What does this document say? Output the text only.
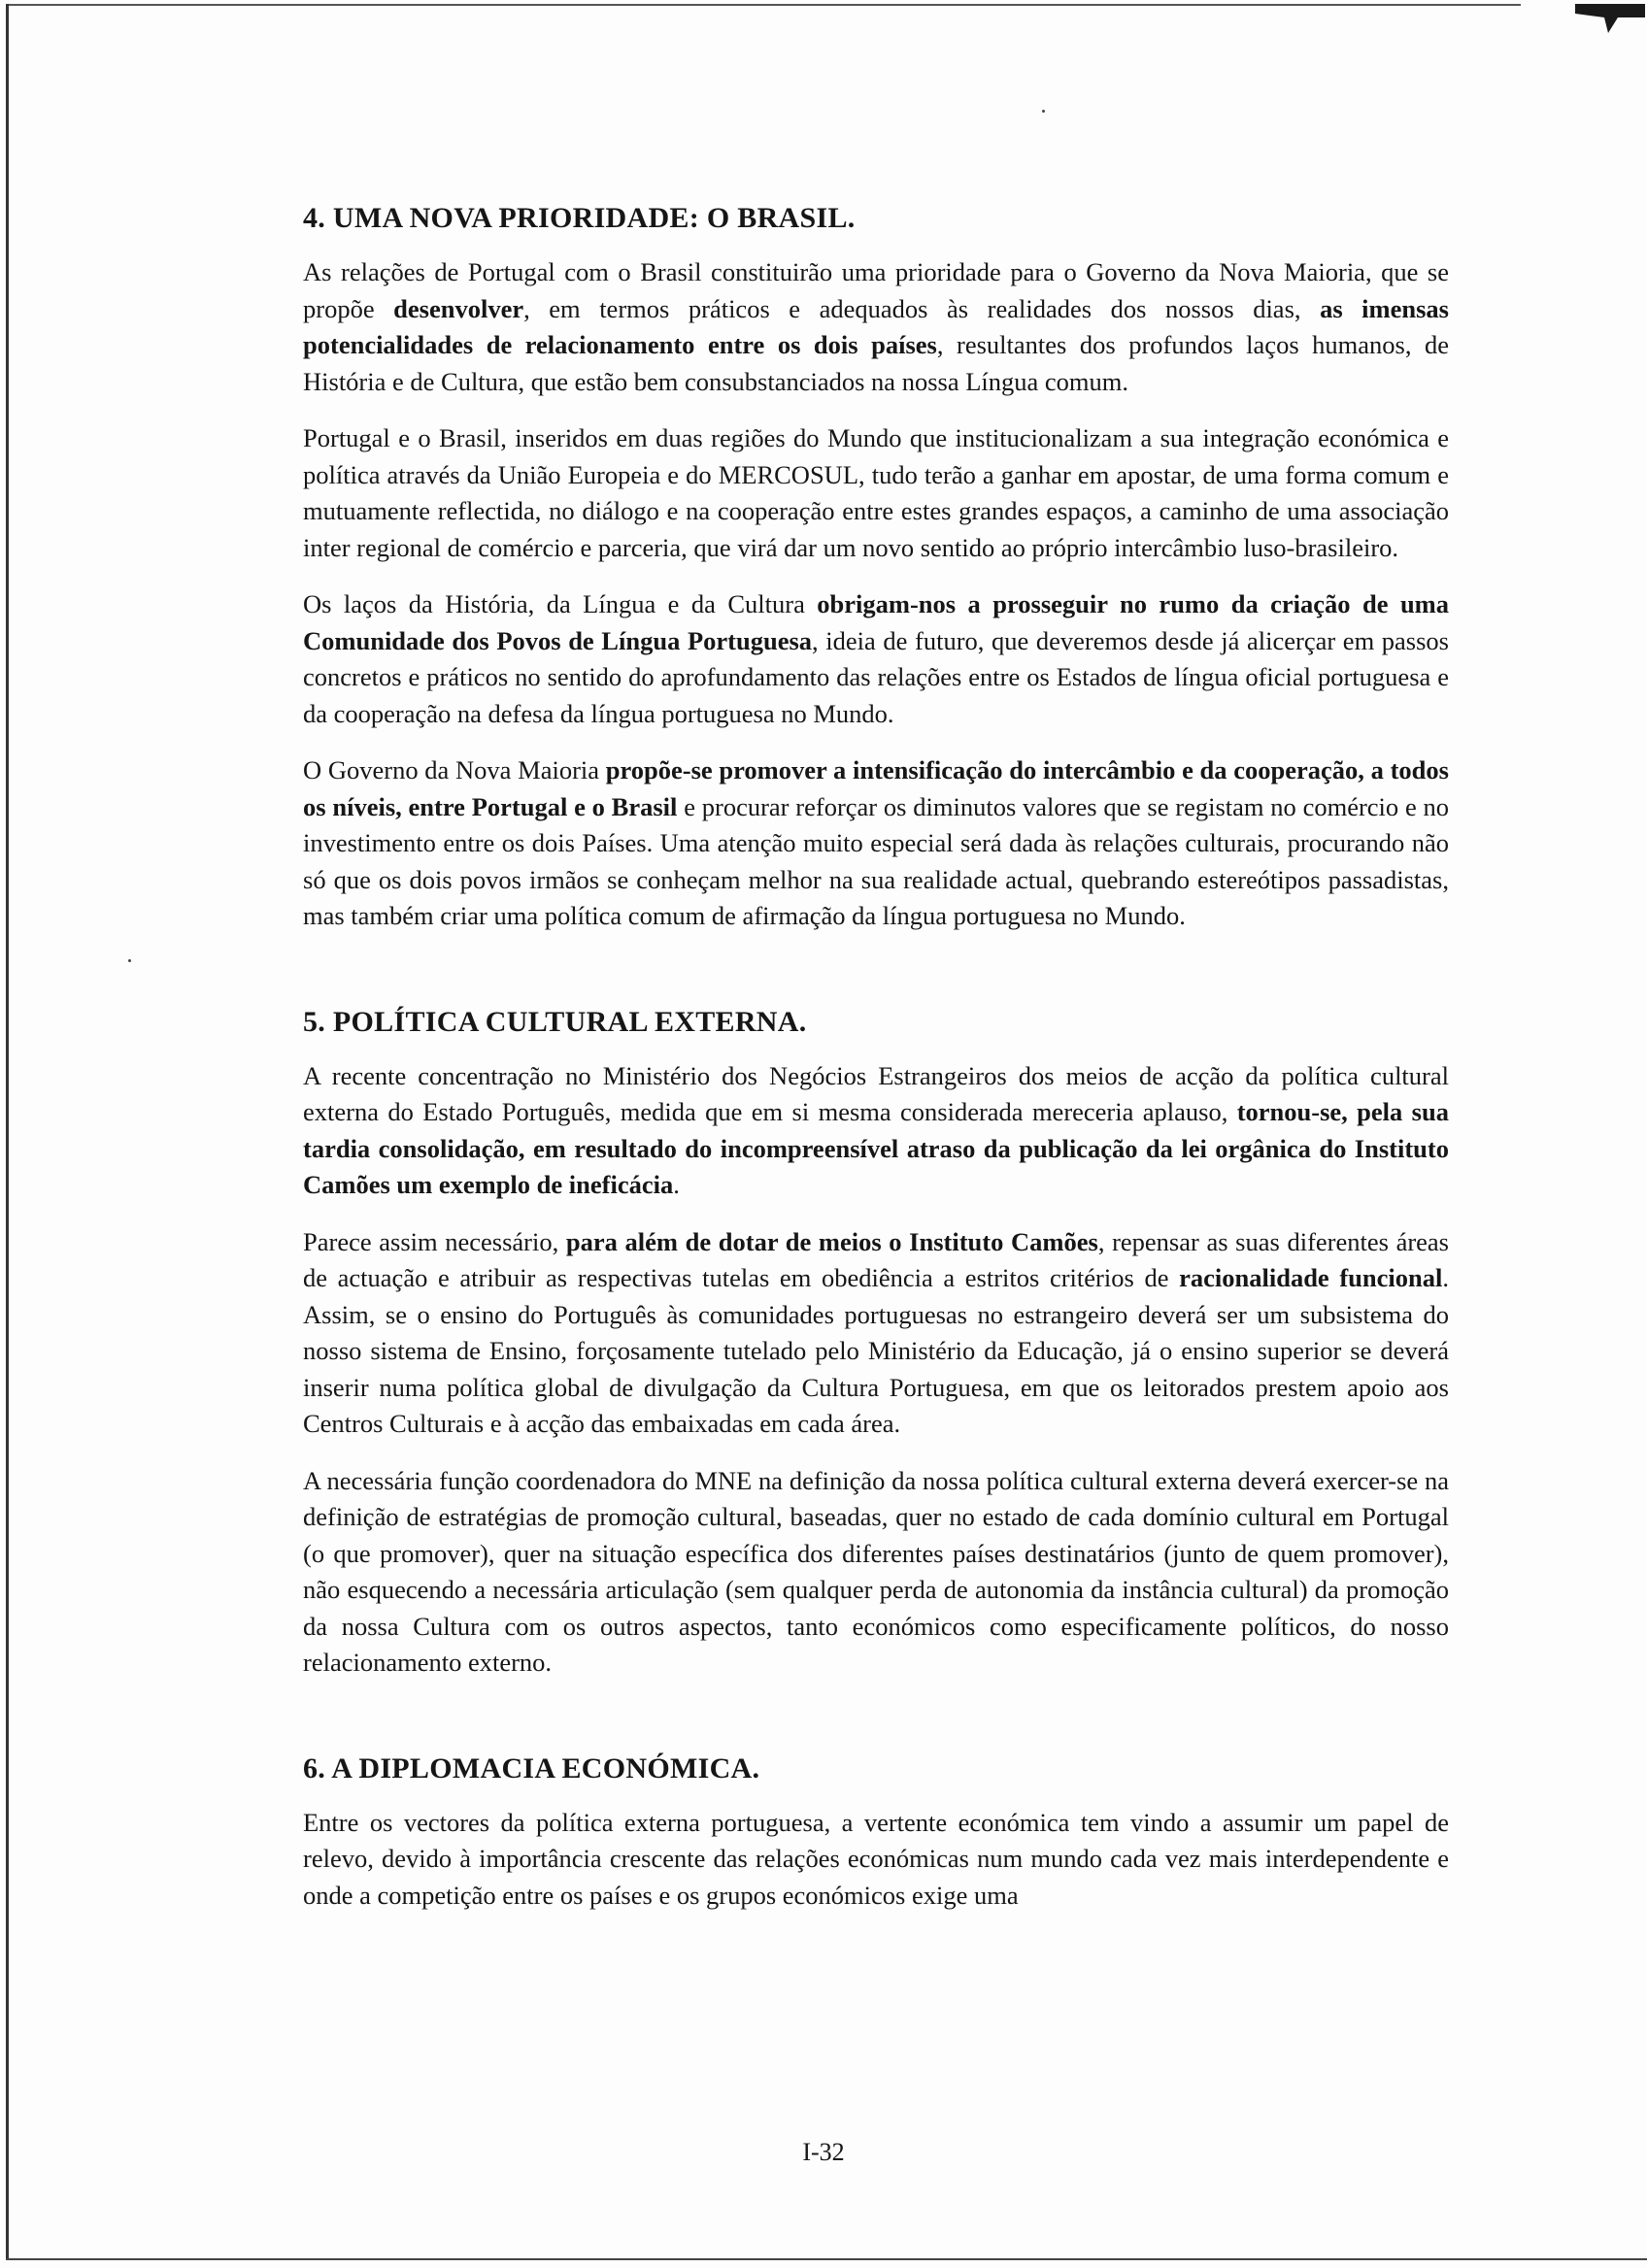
4. UMA NOVA PRIORIDADE: O BRASIL.

As relações de Portugal com o Brasil constituirão uma prioridade para o Governo da Nova Maioria, que se propõe desenvolver, em termos práticos e adequados às realidades dos nossos dias, as imensas potencialidades de relacionamento entre os dois países, resultantes dos profundos laços humanos, de História e de Cultura, que estão bem consubstanciados na nossa Língua comum.

Portugal e o Brasil, inseridos em duas regiões do Mundo que institucionalizam a sua integração económica e política através da União Europeia e do MERCOSUL, tudo terão a ganhar em apostar, de uma forma comum e mutuamente reflectida, no diálogo e na cooperação entre estes grandes espaços, a caminho de uma associação inter regional de comércio e parceria, que virá dar um novo sentido ao próprio intercâmbio luso-brasileiro.

Os laços da História, da Língua e da Cultura obrigam-nos a prosseguir no rumo da criação de uma Comunidade dos Povos de Língua Portuguesa, ideia de futuro, que deveremos desde já alicerçar em passos concretos e práticos no sentido do aprofundamento das relações entre os Estados de língua oficial portuguesa e da cooperação na defesa da língua portuguesa no Mundo.

O Governo da Nova Maioria propõe-se promover a intensificação do intercâmbio e da cooperação, a todos os níveis, entre Portugal e o Brasil e procurar reforçar os diminutos valores que se registam no comércio e no investimento entre os dois Países. Uma atenção muito especial será dada às relações culturais, procurando não só que os dois povos irmãos se conheçam melhor na sua realidade actual, quebrando estereótipos passadistas, mas também criar uma política comum de afirmação da língua portuguesa no Mundo.

5. POLÍTICA CULTURAL EXTERNA.

A recente concentração no Ministério dos Negócios Estrangeiros dos meios de acção da política cultural externa do Estado Português, medida que em si mesma considerada mereceria aplauso, tornou-se, pela sua tardia consolidação, em resultado do incompreensível atraso da publicação da lei orgânica do Instituto Camões um exemplo de ineficácia.

Parece assim necessário, para além de dotar de meios o Instituto Camões, repensar as suas diferentes áreas de actuação e atribuir as respectivas tutelas em obediência a estritos critérios de racionalidade funcional. Assim, se o ensino do Português às comunidades portuguesas no estrangeiro deverá ser um subsistema do nosso sistema de Ensino, forçosamente tutelado pelo Ministério da Educação, já o ensino superior se deverá inserir numa política global de divulgação da Cultura Portuguesa, em que os leitorados prestem apoio aos Centros Culturais e à acção das embaixadas em cada área.

A necessária função coordenadora do MNE na definição da nossa política cultural externa deverá exercer-se na definição de estratégias de promoção cultural, baseadas, quer no estado de cada domínio cultural em Portugal (o que promover), quer na situação específica dos diferentes países destinatários (junto de quem promover), não esquecendo a necessária articulação (sem qualquer perda de autonomia da instância cultural) da promoção da nossa Cultura com os outros aspectos, tanto económicos como especificamente políticos, do nosso relacionamento externo.

6. A DIPLOMACIA ECONÓMICA.

Entre os vectores da política externa portuguesa, a vertente económica tem vindo a assumir um papel de relevo, devido à importância crescente das relações económicas num mundo cada vez mais interdependente e onde a competição entre os países e os grupos económicos exige uma

I-32
